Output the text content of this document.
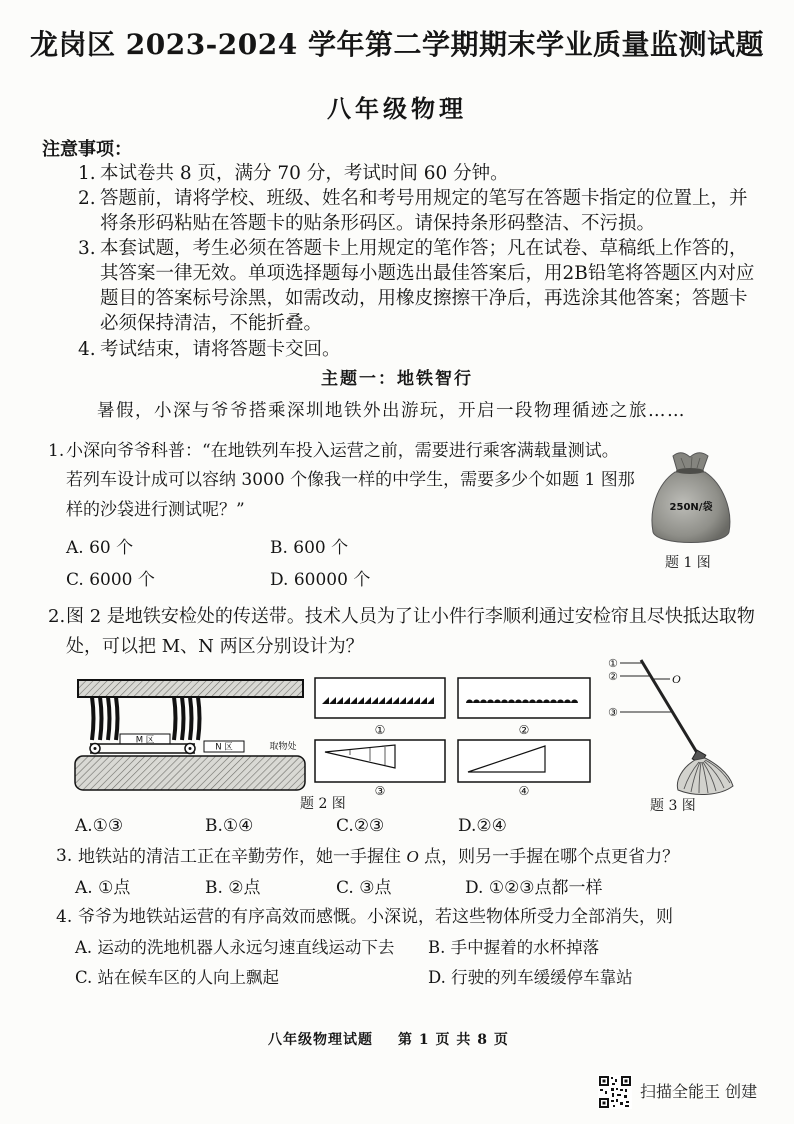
龙岗区 2023-2024 学年第二学期期末学业质量监测试题
八年级物理
注意事项：
1. 本试卷共 8 页，满分 70 分，考试时间 60 分钟。
2. 答题前，请将学校、班级、姓名和考号用规定的笔写在答题卡指定的位置上，并
将条形码粘贴在答题卡的贴条形码区。请保持条形码整洁、不污损。
3. 本套试题，考生必须在答题卡上用规定的笔作答；凡在试卷、草稿纸上作答的，
其答案一律无效。单项选择题每小题选出最佳答案后，用2B铅笔将答题区内对应
题目的答案标号涂黑，如需改动，用橡皮擦擦干净后，再选涂其他答案；答题卡
必须保持清洁，不能折叠。
4. 考试结束，请将答题卡交回。
主题一：地铁智行
暑假，小深与爷爷搭乘深圳地铁外出游玩，开启一段物理循迹之旅……
1. 小深向爷爷科普：“在地铁列车投入运营之前，需要进行乘客满载量测试。
若列车设计成可以容纳 3000 个像我一样的中学生，需要多少个如题 1 图那
样的沙袋进行测试呢？”
A. 60 个	B. 600 个
C. 6000 个	D. 60000 个
250N/袋
题 1 图
2. 图 2 是地铁安检处的传送带。技术人员为了让小件行李顺利通过安检帘且尽快抵达取物
处，可以把 M、N 两区分别设计为？
M 区
N 区	取物处
①	②
③	④
题 2 图
①
②	O
③
题 3 图
A.①③	B.①④	C.②③	D.②④
3. 地铁站的清洁工正在辛勤劳作，她一手握住 O 点，则另一手握在哪个点更省力？
A. ①点	B. ②点	C. ③点	D. ①②③点都一样
4. 爷爷为地铁站运营的有序高效而感慨。小深说，若这些物体所受力全部消失，则
A. 运动的洗地机器人永远匀速直线运动下去 B. 手中握着的水杯掉落
C. 站在候车区的人向上飘起	D. 行驶的列车缓缓停车靠站
八年级物理试题 第 1 页 共 8 页
扫描全能王 创建
